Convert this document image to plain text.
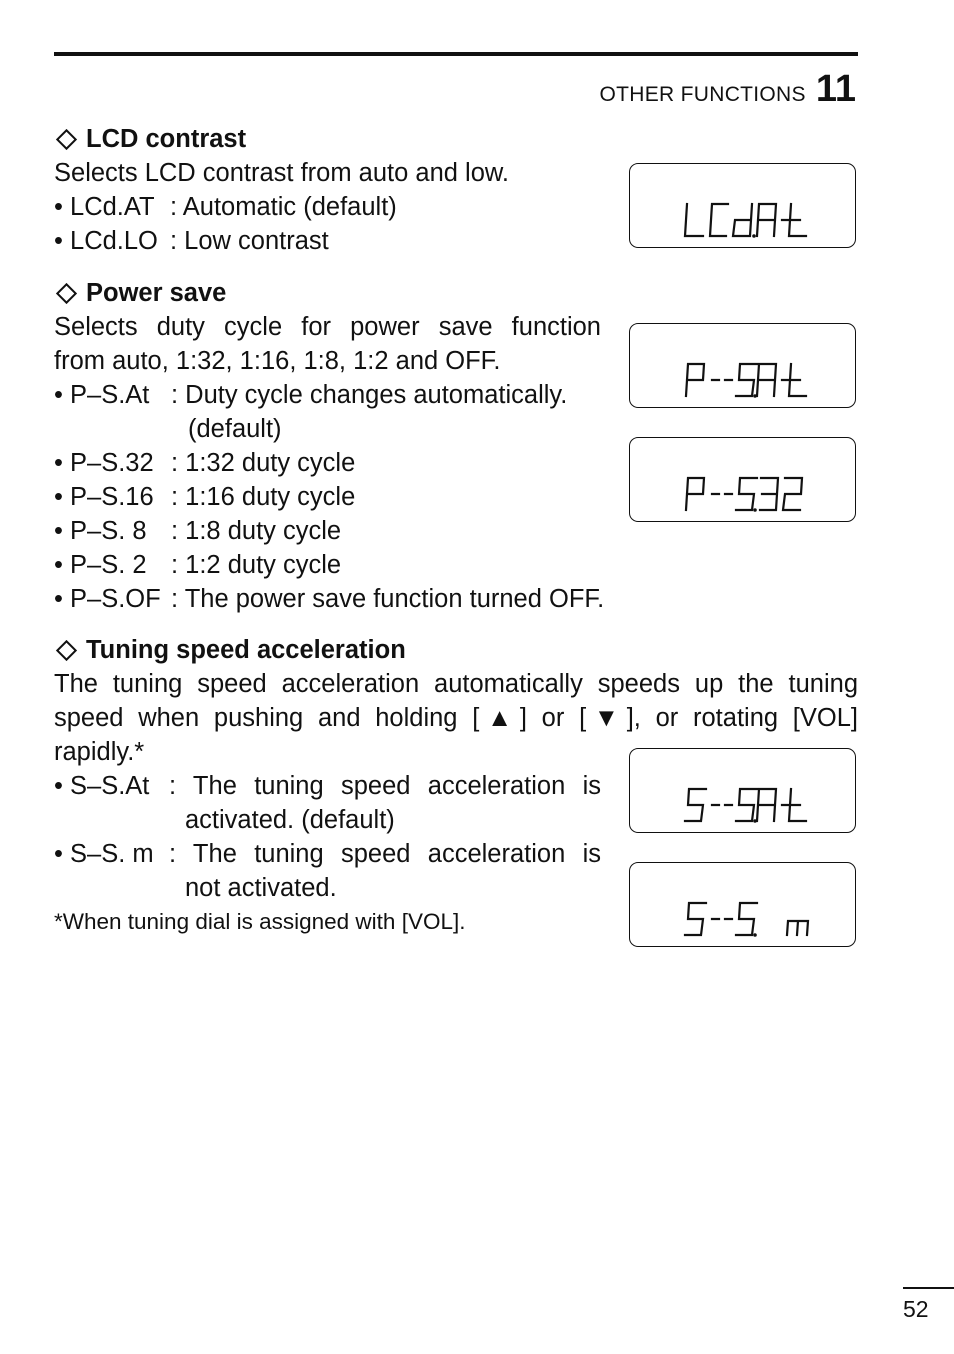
OTHER FUNCTIONS 11
LCD contrast
Selects LCD contrast from auto and low.
• LCd.AT : Automatic (default)
• LCd.LO : Low contrast
Power save
Selects duty cycle for power save function
from auto, 1:32, 1:16, 1:8, 1:2 and OFF.
• P–S.At : Duty cycle changes automatically.
(default)
• P–S.32 : 1:32 duty cycle
• P–S.16 : 1:16 duty cycle
• P–S. 8 : 1:8 duty cycle
• P–S. 2 : 1:2 duty cycle
• P–S.OF : The power save function turned OFF.
Tuning speed acceleration
The tuning speed acceleration automatically speeds up the tuning
speed when pushing and holding [▲] or [▼], or rotating [VOL]
rapidly.*
• S–S.At : The tuning speed acceleration is
activated. (default)
• S–S. m : The tuning speed acceleration is
not activated.
*When tuning dial is assigned with [VOL].
52
